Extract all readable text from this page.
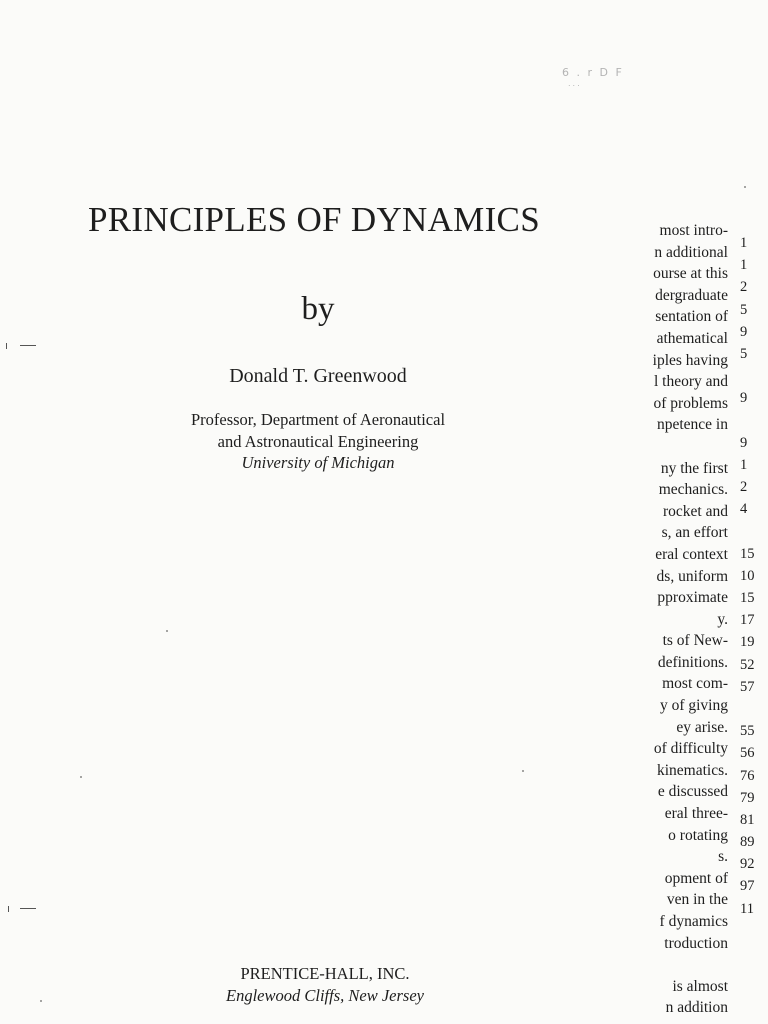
6 . r D F
...
PRINCIPLES OF DYNAMICS
by
Donald T. Greenwood
Professor, Department of Aeronautical
and Astronautical Engineering
University of Michigan
PRENTICE-HALL, INC.
Englewood Cliffs, New Jersey
most intro-
n additional
ourse at this
dergraduate
sentation of
athematical
iples having
l theory and
of problems
npetence in
ny the first
mechanics.
rocket and
s, an effort
eral context
ds, uniform
pproximate
y.
ts of New-
definitions.
most com-
y of giving
ey arise.
of difficulty
kinematics.
e discussed
eral three-
o rotating
s.
opment of
ven in the
f dynamics
troduction
is almost
n addition
1
1
2
5
9
5
9
9
1
2
4
15
10
15
17
19
52
57
55
56
76
79
81
89
92
97
11
